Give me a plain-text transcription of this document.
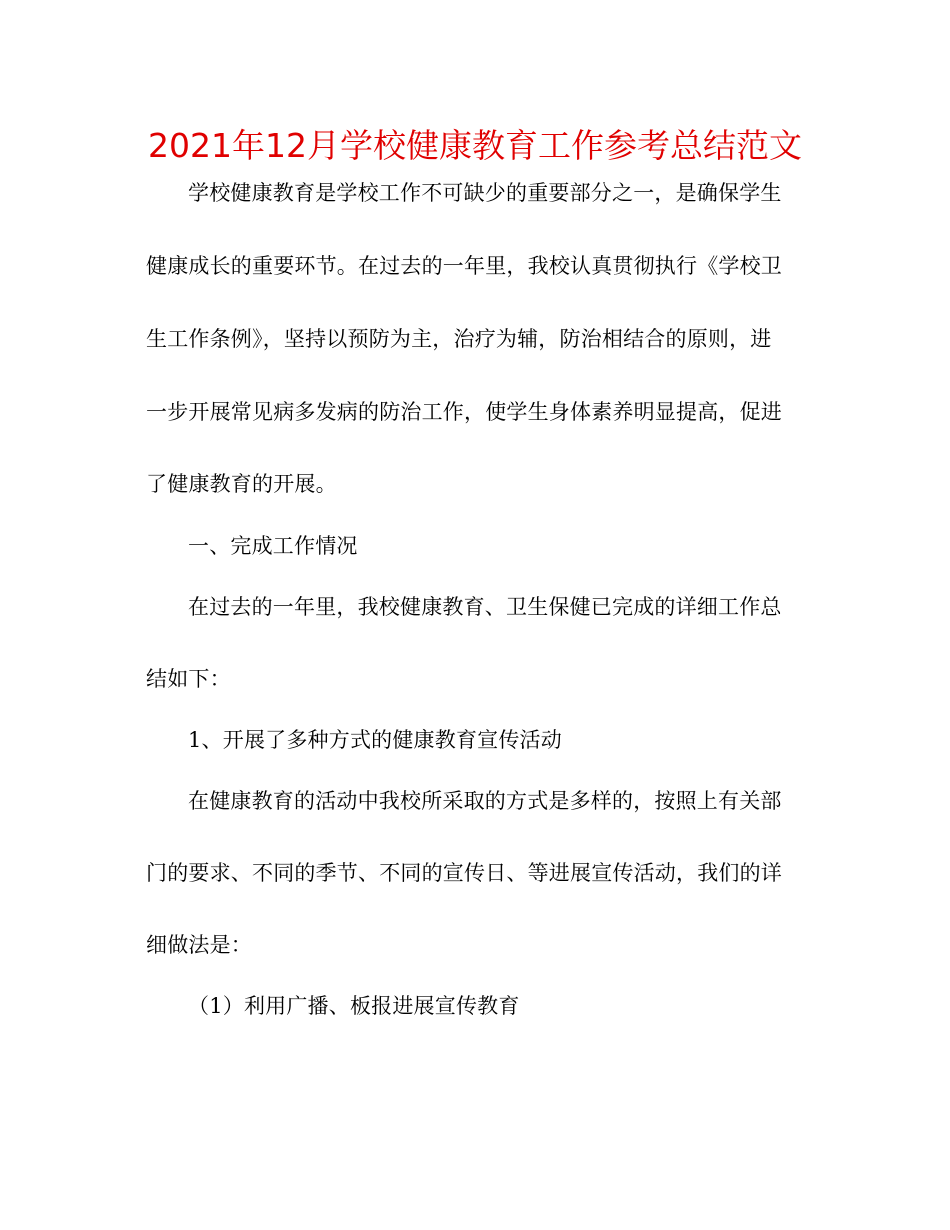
2021年12月学校健康教育工作参考总结范文
学校健康教育是学校工作不可缺少的重要部分之一，是确保学生
健康成长的重要环节。在过去的一年里，我校认真贯彻执行《学校卫
生工作条例》，坚持以预防为主，治疗为辅，防治相结合的原则，进
一步开展常见病多发病的防治工作，使学生身体素养明显提高，促进
了健康教育的开展。
一、完成工作情况
在过去的一年里，我校健康教育、卫生保健已完成的详细工作总
结如下：
1、开展了多种方式的健康教育宣传活动
在健康教育的活动中我校所采取的方式是多样的，按照上有关部
门的要求、不同的季节、不同的宣传日、等进展宣传活动，我们的详
细做法是：
（1）利用广播、板报进展宣传教育
